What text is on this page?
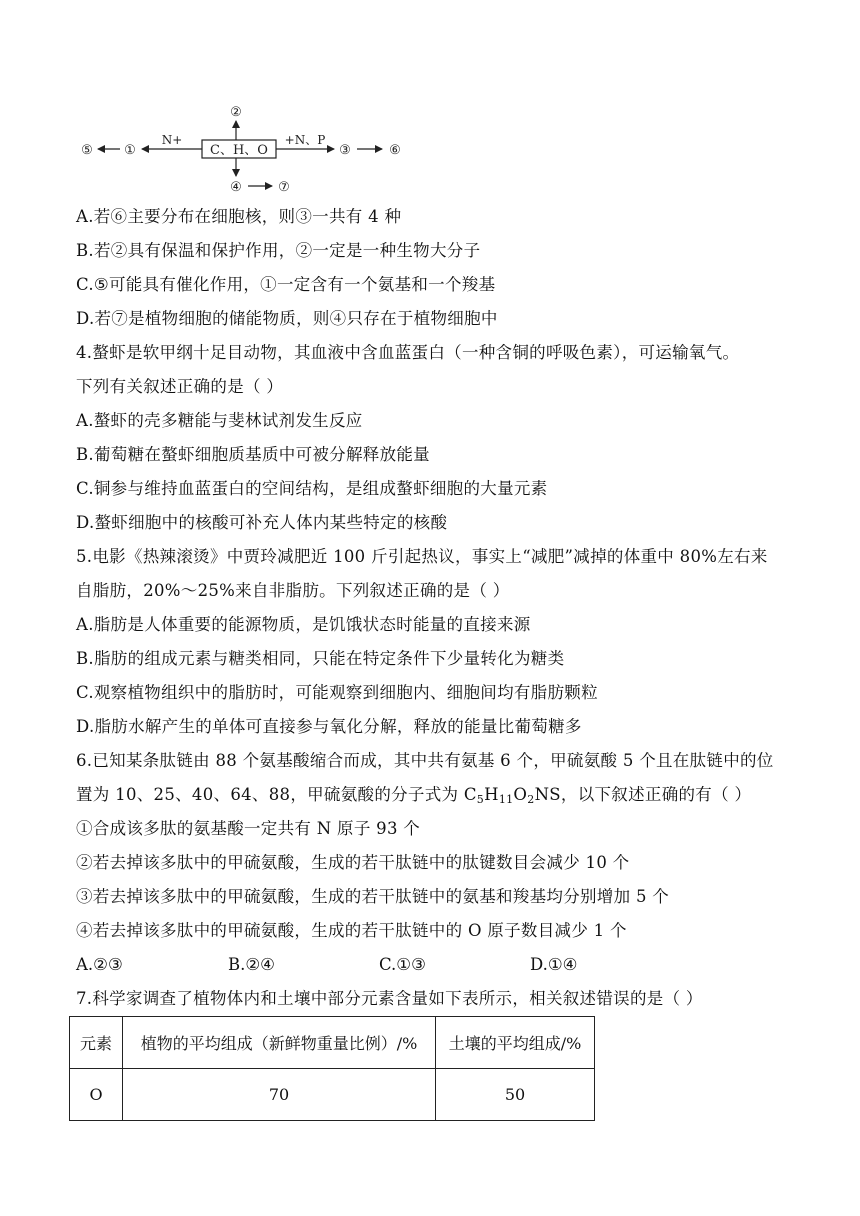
C、H、O
②
N+
①
⑤
+N、P
③	⑥
④	⑦
A.若⑥主要分布在细胞核，则③一共有 4 种
B.若②具有保温和保护作用，②一定是一种生物大分子
C.⑤可能具有催化作用，①一定含有一个氨基和一个羧基
D.若⑦是植物细胞的储能物质，则④只存在于植物细胞中
4.螯虾是软甲纲十足目动物，其血液中含血蓝蛋白（一种含铜的呼吸色素），可运输氧气。
下列有关叙述正确的是（ ）
A.螯虾的壳多糖能与斐林试剂发生反应
B.葡萄糖在螯虾细胞质基质中可被分解释放能量
C.铜参与维持血蓝蛋白的空间结构，是组成螯虾细胞的大量元素
D.螯虾细胞中的核酸可补充人体内某些特定的核酸
5.电影《热辣滚烫》中贾玲减肥近 100 斤引起热议，事实上“减肥”减掉的体重中 80%左右来
自脂肪，20%～25%来自非脂肪。下列叙述正确的是（ ）
A.脂肪是人体重要的能源物质，是饥饿状态时能量的直接来源
B.脂肪的组成元素与糖类相同，只能在特定条件下少量转化为糖类
C.观察植物组织中的脂肪时，可能观察到细胞内、细胞间均有脂肪颗粒
D.脂肪水解产生的单体可直接参与氧化分解，释放的能量比葡萄糖多
6.已知某条肽链由 88 个氨基酸缩合而成，其中共有氨基 6 个，甲硫氨酸 5 个且在肽链中的位
置为 10、25、40、64、88，甲硫氨酸的分子式为 $C_5H_{11}O_2NS$，以下叙述正确的有（ ）
①合成该多肽的氨基酸一定共有 N 原子 93 个
②若去掉该多肽中的甲硫氨酸，生成的若干肽链中的肽键数目会减少 10 个
③若去掉该多肽中的甲硫氨酸，生成的若干肽链中的氨基和羧基均分别增加 5 个
④若去掉该多肽中的甲硫氨酸，生成的若干肽链中的 O 原子数目减少 1 个
A.②③	B.②④	C.①③	D.①④
7.科学家调查了植物体内和土壤中部分元素含量如下表所示，相关叙述错误的是（ ）
元素	植物的平均组成（新鲜物重量比例）/%	土壤的平均组成/%
O	70	50
